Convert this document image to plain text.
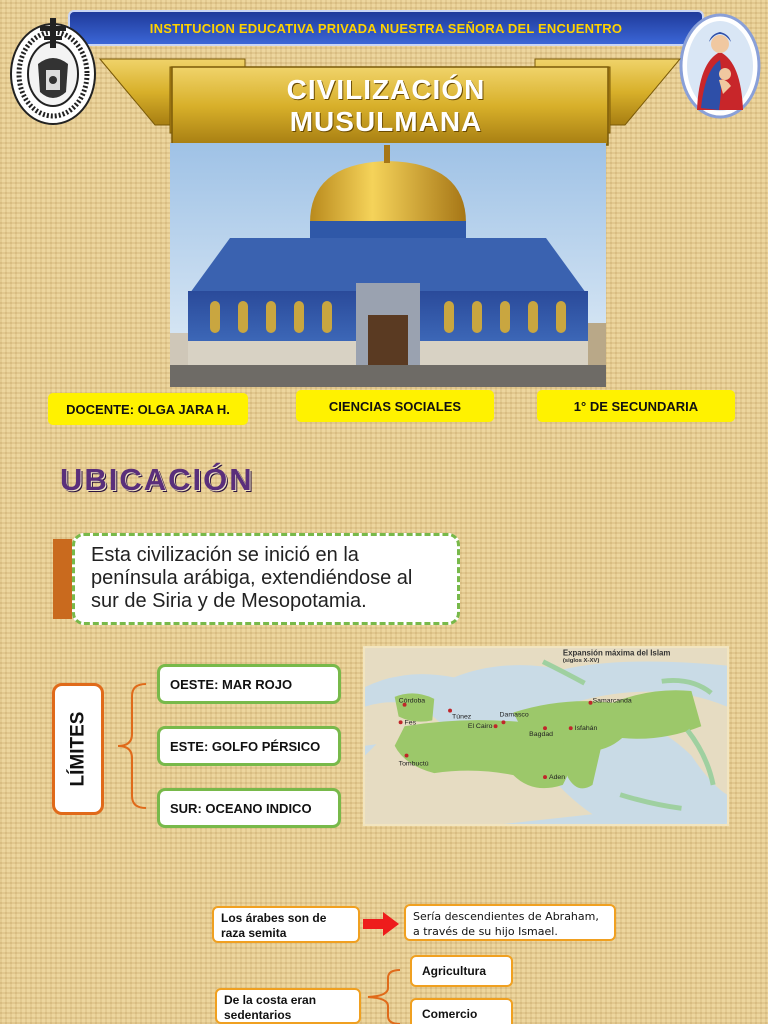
INSTITUCION EDUCATIVA PRIVADA NUESTRA SEÑORA DEL ENCUENTRO
CIVILIZACIÓN
MUSULMANA
DOCENTE: OLGA JARA H.	CIENCIAS SOCIALES	1° DE SECUNDARIA
UBICACIÓN
Esta civilización se inició en la península arábiga, extendiéndose al sur de Siria y de Mesopotamia.
LÍMITES
OESTE: MAR ROJO
ESTE: GOLFO PÉRSICO
SUR: OCEANO INDICO
Expansión máxima del Islam
(siglos X-XV)
Córdoba
Fes
Túnez	Damasco
El Cairo
Bagdad
Isfahán
Samarcanda
Tombuctú
Aden
Los árabes son de raza semita
Sería descendientes de Abraham, a través de su hijo Ismael.
De la costa eran sedentarios
Agricultura
Comercio
